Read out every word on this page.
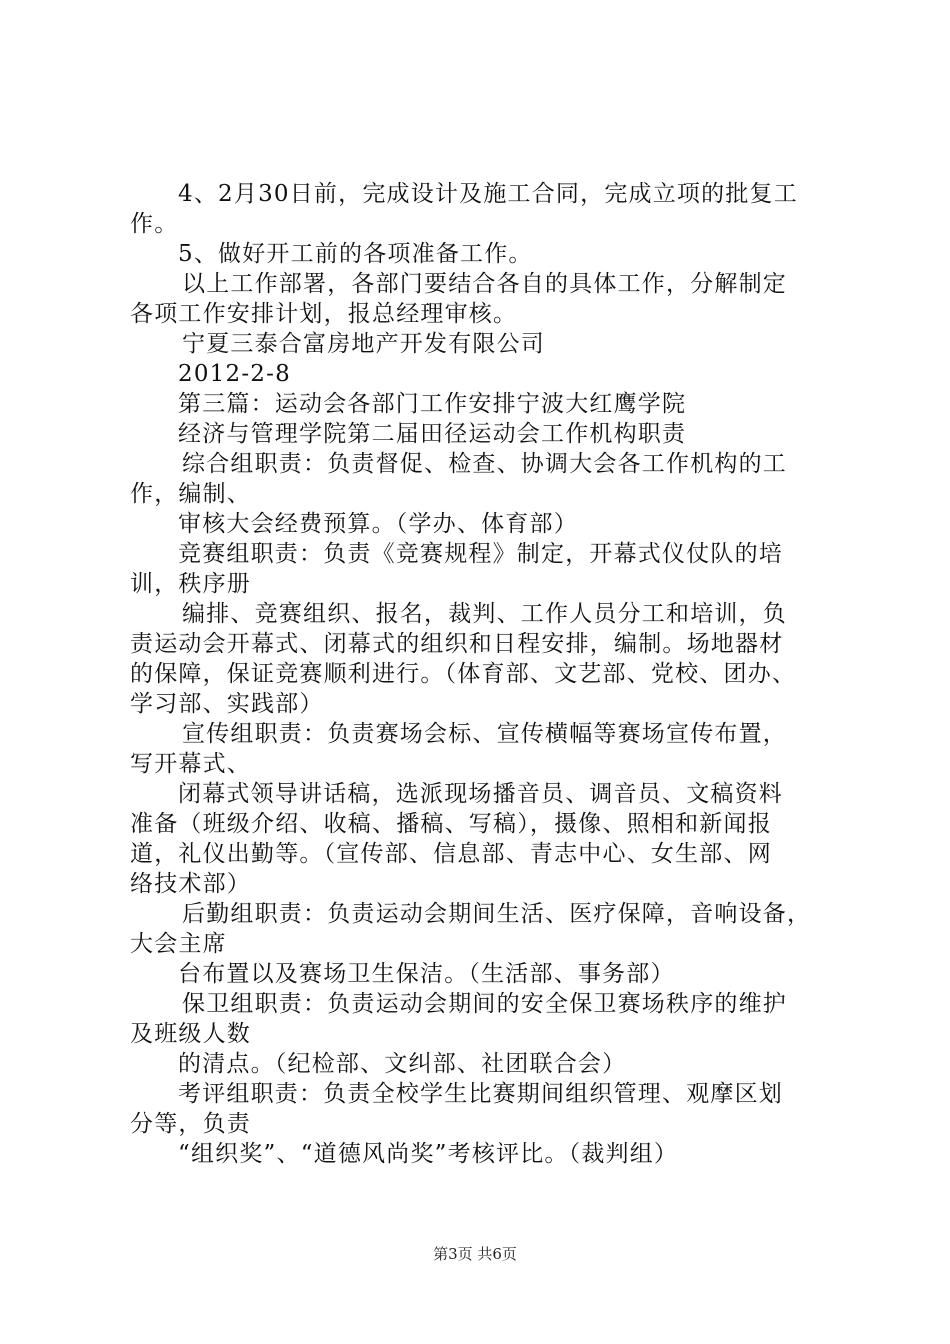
4、2月30日前，完成设计及施工合同，完成立项的批复工
作。
5、做好开工前的各项准备工作。
以上工作部署，各部门要结合各自的具体工作，分解制定
各项工作安排计划，报总经理审核。
宁夏三泰合富房地产开发有限公司
2012-2-8
第三篇：运动会各部门工作安排宁波大红鹰学院
经济与管理学院第二届田径运动会工作机构职责
综合组职责：负责督促、检查、协调大会各工作机构的工
作，编制、
审核大会经费预算。（学办、体育部）
竞赛组职责：负责《竞赛规程》制定，开幕式仪仗队的培
训，秩序册
编排、竞赛组织、报名，裁判、工作人员分工和培训，负
责运动会开幕式、闭幕式的组织和日程安排，编制。场地器材
的保障，保证竞赛顺利进行。（体育部、文艺部、党校、团办、
学习部、实践部）
宣传组职责：负责赛场会标、宣传横幅等赛场宣传布置，
写开幕式、
闭幕式领导讲话稿，选派现场播音员、调音员、文稿资料
准备（班级介绍、收稿、播稿、写稿），摄像、照相和新闻报
道，礼仪出勤等。（宣传部、信息部、青志中心、女生部、网
络技术部）
后勤组职责：负责运动会期间生活、医疗保障，音响设备，
大会主席
台布置以及赛场卫生保洁。（生活部、事务部）
保卫组职责：负责运动会期间的安全保卫赛场秩序的维护
及班级人数
的清点。（纪检部、文纠部、社团联合会）
考评组职责：负责全校学生比赛期间组织管理、观摩区划
分等，负责
“组织奖”、“道德风尚奖”考核评比。（裁判组）
第3页 共6页
